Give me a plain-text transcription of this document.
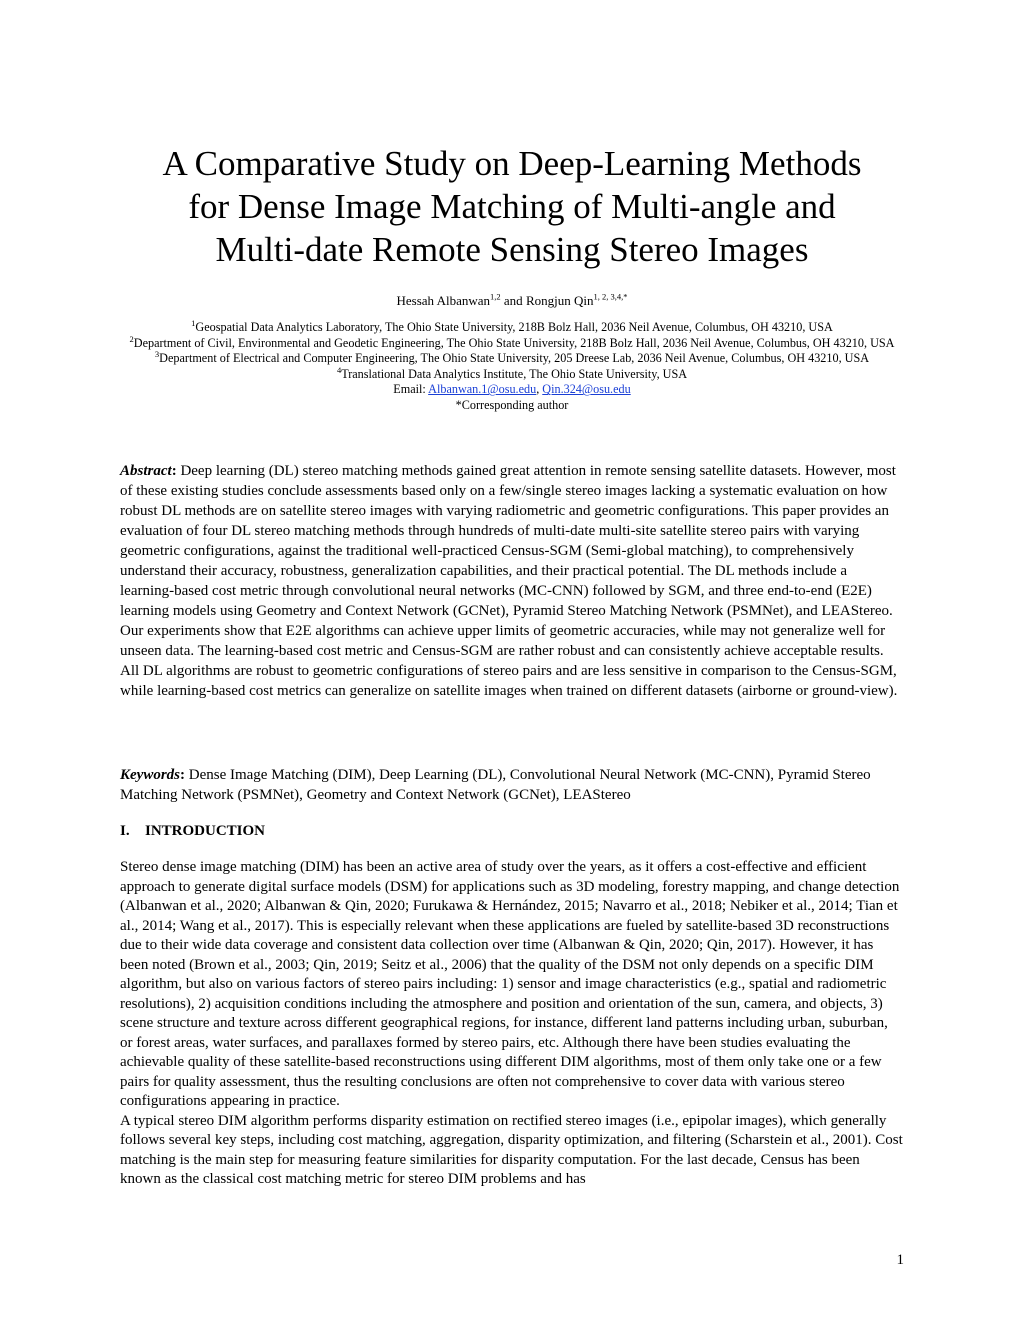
A Comparative Study on Deep-Learning Methods
for Dense Image Matching of Multi-angle and
Multi-date Remote Sensing Stereo Images
Hessah Albanwan$^{1,2}$ and Rongjun Qin$^{1, 2, 3,4,*}$

$^1$Geospatial Data Analytics Laboratory, The Ohio State University, 218B Bolz Hall, 2036 Neil Avenue, Columbus, OH 43210, USA

$^2$Department of Civil, Environmental and Geodetic Engineering, The Ohio State University, 218B Bolz Hall, 2036 Neil Avenue, Columbus, OH 43210, USA

$^3$Department of Electrical and Computer Engineering, The Ohio State University, 205 Dreese Lab, 2036 Neil Avenue, Columbus, OH 43210, USA

$^4$Translational Data Analytics Institute, The Ohio State University, USA

Email: Albanwan.1@osu.edu, Qin.324@osu.edu

*Corresponding author

Abstract: Deep learning (DL) stereo matching methods gained great attention in remote sensing satellite datasets. However, most of these existing studies conclude assessments based only on a few/single stereo images lacking a systematic evaluation on how robust DL methods are on satellite stereo images with varying radiometric and geometric configurations. This paper provides an evaluation of four DL stereo matching methods through hundreds of multi-date multi-site satellite stereo pairs with varying geometric configurations, against the traditional well-practiced Census-SGM (Semi-global matching), to comprehensively understand their accuracy, robustness, generalization capabilities, and their practical potential. The DL methods include a learning-based cost metric through convolutional neural networks (MC-CNN) followed by SGM, and three end-to-end (E2E) learning models using Geometry and Context Network (GCNet), Pyramid Stereo Matching Network (PSMNet), and LEAStereo. Our experiments show that E2E algorithms can achieve upper limits of geometric accuracies, while may not generalize well for unseen data. The learning-based cost metric and Census-SGM are rather robust and can consistently achieve acceptable results. All DL algorithms are robust to geometric configurations of stereo pairs and are less sensitive in comparison to the Census-SGM, while learning-based cost metrics can generalize on satellite images when trained on different datasets (airborne or ground-view).

Keywords: Dense Image Matching (DIM), Deep Learning (DL), Convolutional Neural Network (MC-CNN), Pyramid Stereo Matching Network (PSMNet), Geometry and Context Network (GCNet), LEAStereo

I. INTRODUCTION

Stereo dense image matching (DIM) has been an active area of study over the years, as it offers a cost-effective and efficient approach to generate digital surface models (DSM) for applications such as 3D modeling, forestry mapping, and change detection (Albanwan et al., 2020; Albanwan & Qin, 2020; Furukawa & Hernández, 2015; Navarro et al., 2018; Nebiker et al., 2014; Tian et al., 2014; Wang et al., 2017). This is especially relevant when these applications are fueled by satellite-based 3D reconstructions due to their wide data coverage and consistent data collection over time (Albanwan & Qin, 2020; Qin, 2017). However, it has been noted (Brown et al., 2003; Qin, 2019; Seitz et al., 2006) that the quality of the DSM not only depends on a specific DIM algorithm, but also on various factors of stereo pairs including: 1) sensor and image characteristics (e.g., spatial and radiometric resolutions), 2) acquisition conditions including the atmosphere and position and orientation of the sun, camera, and objects, 3) scene structure and texture across different geographical regions, for instance, different land patterns including urban, suburban, or forest areas, water surfaces, and parallaxes formed by stereo pairs, etc. Although there have been studies evaluating the achievable quality of these satellite-based reconstructions using different DIM algorithms, most of them only take one or a few pairs for quality assessment, thus the resulting conclusions are often not comprehensive to cover data with various stereo configurations appearing in practice.

A typical stereo DIM algorithm performs disparity estimation on rectified stereo images (i.e., epipolar images), which generally follows several key steps, including cost matching, aggregation, disparity optimization, and filtering (Scharstein et al., 2001). Cost matching is the main step for measuring feature similarities for disparity computation. For the last decade, Census has been known as the classical cost matching metric for stereo DIM problems and has

1
